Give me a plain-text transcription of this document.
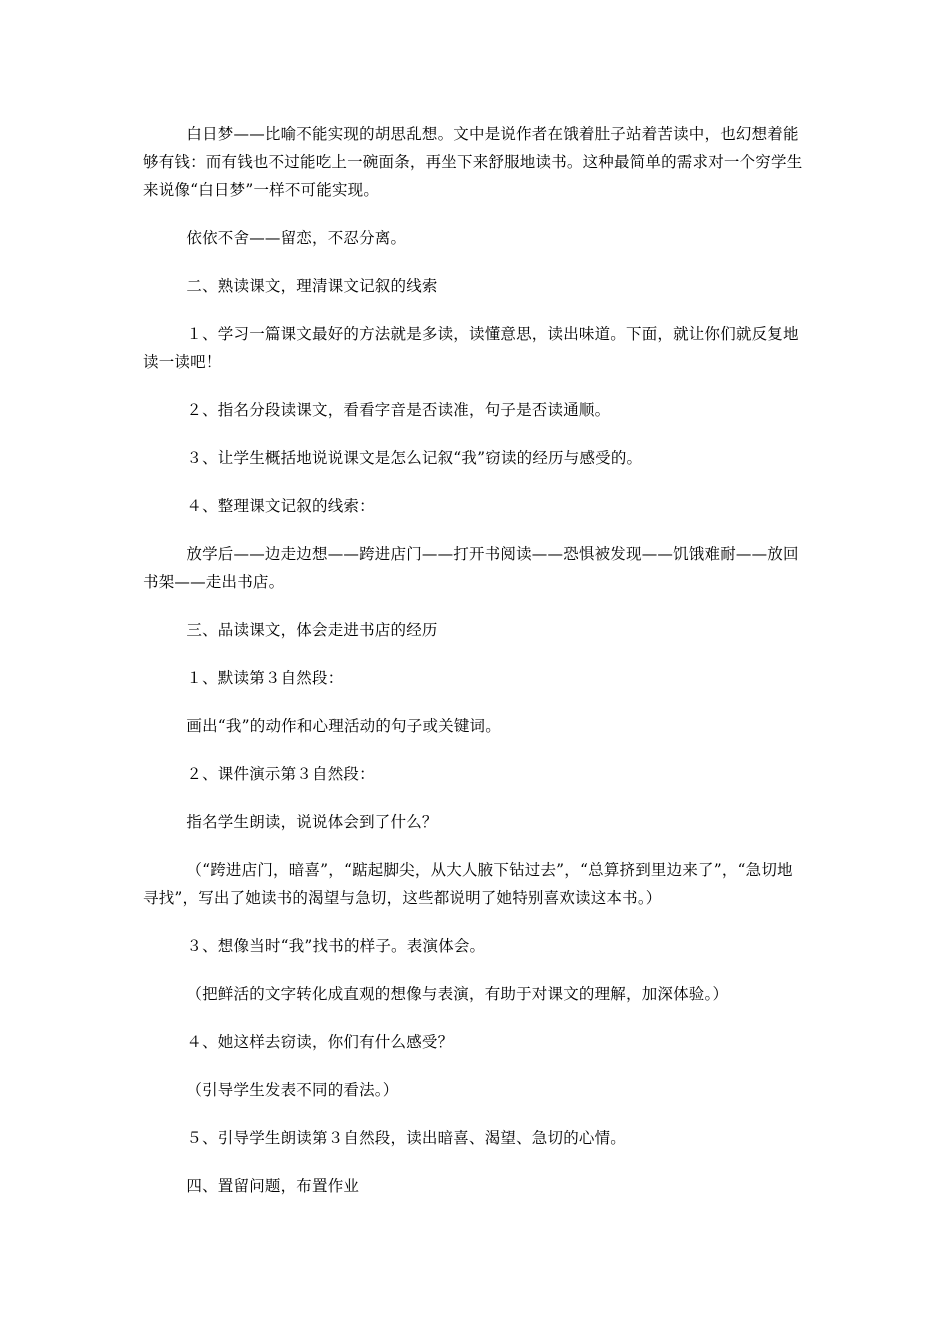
白日梦——比喻不能实现的胡思乱想。文中是说作者在饿着肚子站着苦读中，也幻想着能够有钱：而有钱也不过能吃上一碗面条，再坐下来舒服地读书。这种最简单的需求对一个穷学生来说像“白日梦”一样不可能实现。

依依不舍——留恋，不忍分离。

二、熟读课文，理清课文记叙的线索

１、学习一篇课文最好的方法就是多读，读懂意思，读出味道。下面，就让你们就反复地读一读吧！

２、指名分段读课文，看看字音是否读准，句子是否读通顺。

３、让学生概括地说说课文是怎么记叙“我”窃读的经历与感受的。

４、整理课文记叙的线索：

放学后——边走边想——跨进店门——打开书阅读——恐惧被发现——饥饿难耐——放回书架——走出书店。

三、品读课文，体会走进书店的经历

１、默读第３自然段：

画出“我”的动作和心理活动的句子或关键词。

２、课件演示第３自然段：

指名学生朗读，说说体会到了什么？

（“跨进店门，暗喜”，“踮起脚尖，从大人腋下钻过去”，“总算挤到里边来了”，“急切地寻找”，写出了她读书的渴望与急切，这些都说明了她特别喜欢读这本书。）

３、想像当时“我”找书的样子。表演体会。

（把鲜活的文字转化成直观的想像与表演，有助于对课文的理解，加深体验。）

４、她这样去窃读，你们有什么感受？

（引导学生发表不同的看法。）

５、引导学生朗读第３自然段，读出暗喜、渴望、急切的心情。

四、置留问题，布置作业
